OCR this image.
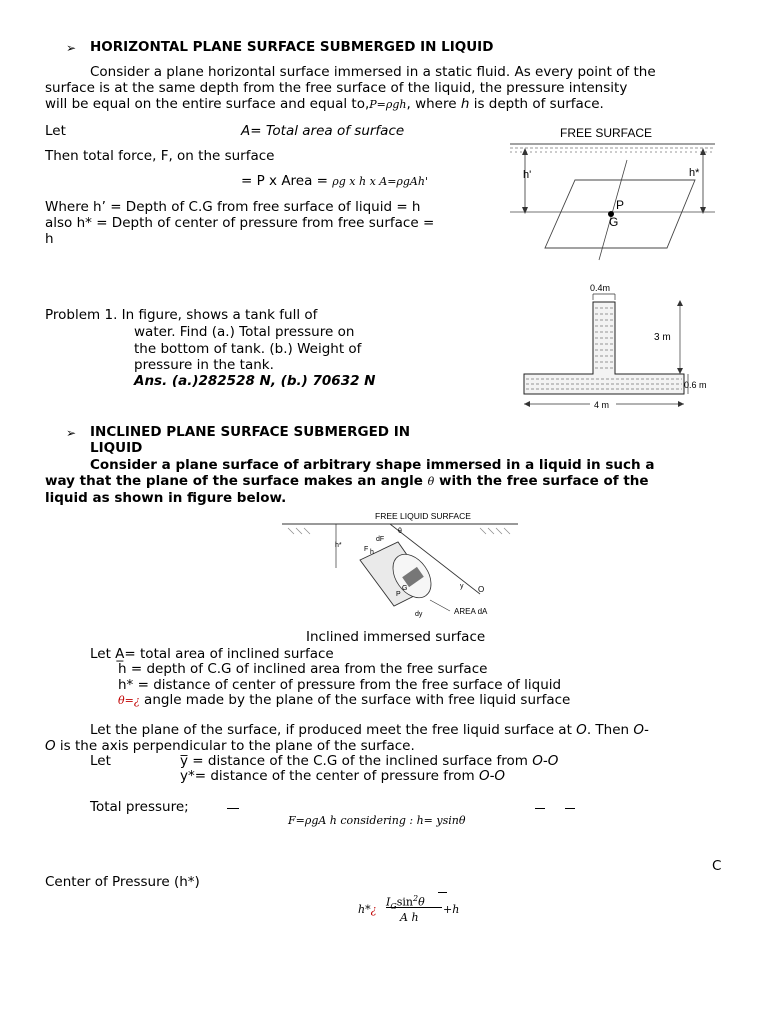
➢ HORIZONTAL PLANE SURFACE SUBMERGED IN LIQUID
Consider a plane horizontal surface immersed in a static fluid. As every point of the
surface is at the same depth from the free surface of the liquid, the pressure intensity
will be equal on the entire surface and equal to,P=ρgh, where h is depth of surface.
Let	A= Total area of surface
Then total force, F, on the surface
= P x Area = ρg x h x A=ρgAh'
Where h’ = Depth of C.G from free surface of liquid = h
also h* = Depth of center of pressure from free surface =
h
FREE SURFACE
h'	h*
P
G
Problem 1. In figure, shows a tank full of
water. Find (a.) Total pressure on
the bottom of tank. (b.) Weight of
pressure in the tank.
Ans. (a.)282528 N, (b.) 70632 N
0.4m
3 m
0.6 m
4 m
➢ INCLINED PLANE SURFACE SUBMERGED IN
LIQUID
Consider a plane surface of arbitrary shape immersed in a liquid in such a
way that the plane of the surface makes an angle θ with the free surface of the
liquid as shown in figure below.
FREE LIQUID SURFACE
θ
O
h*
F
dF
h
G
P
y
dy	AREA dA
Inclined immersed surface
Let A= total area of inclined surface
h̅ = depth of C.G of inclined area from the free surface
h* = distance of center of pressure from the free surface of liquid
θ=¿ angle made by the plane of the surface with free liquid surface
Let the plane of the surface, if produced meet the free liquid surface at O. Then O-
O is the axis perpendicular to the plane of the surface.
Let	y̅ = distance of the C.G of the inclined surface from O-O
y*= distance of the center of pressure from O-O
Total pressure;
F=ρgA h considering : h= ysinθ
C
Center of Pressure (h*)
h*¿
$I_G\sin^2\theta$
A h
+h
